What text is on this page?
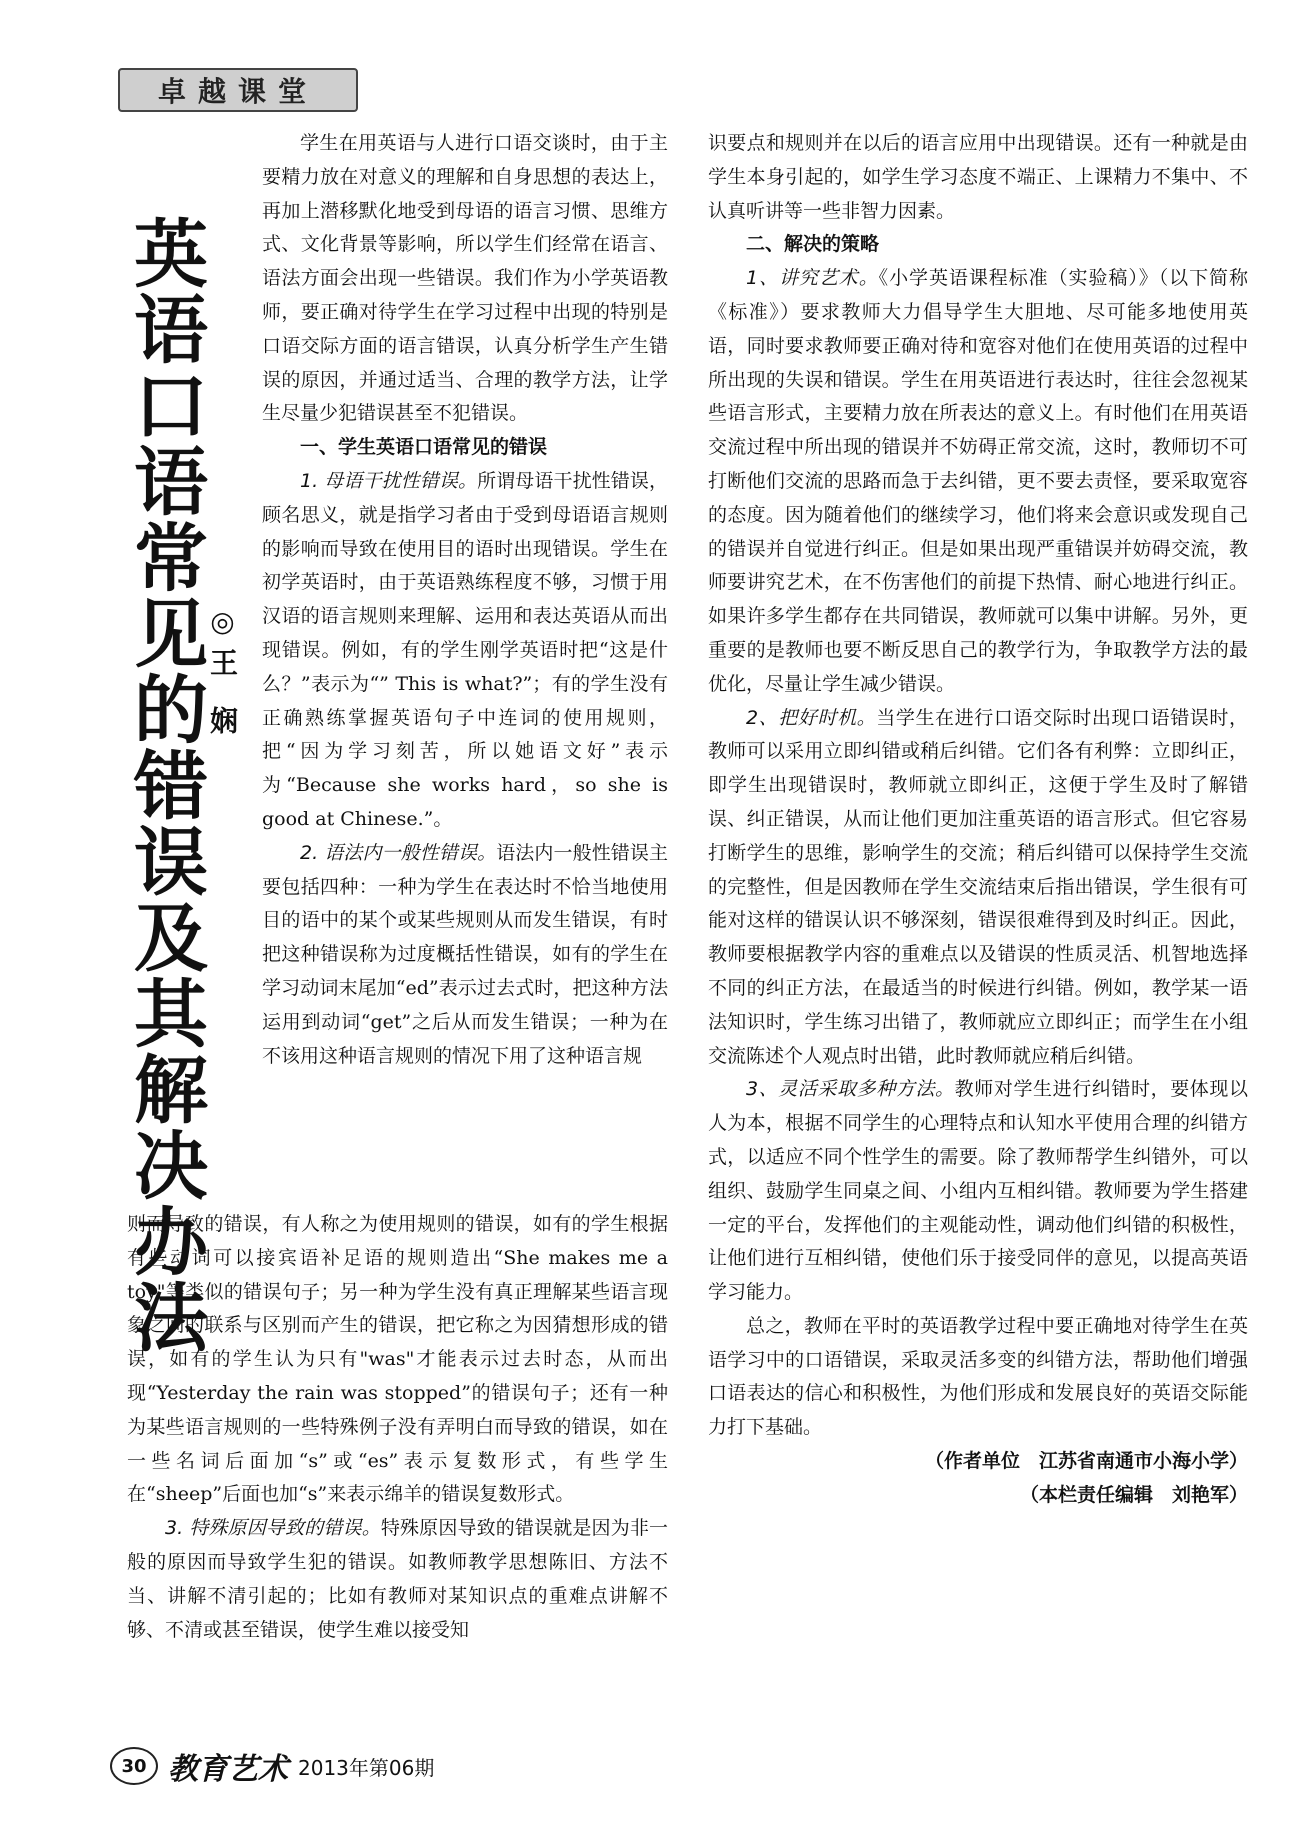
卓越课堂
英语口语常见的错误及其解决办法
◎王 娴

学生在用英语与人进行口语交谈时，由于主要精力放在对意义的理解和自身思想的表达上，再加上潜移默化地受到母语的语言习惯、思维方式、文化背景等影响，所以学生们经常在语言、语法方面会出现一些错误。我们作为小学英语教师，要正确对待学生在学习过程中出现的特别是口语交际方面的语言错误，认真分析学生产生错误的原因，并通过适当、合理的教学方法，让学生尽量少犯错误甚至不犯错误。

一、学生英语口语常见的错误

1. 母语干扰性错误。所谓母语干扰性错误，顾名思义，就是指学习者由于受到母语语言规则的影响而导致在使用目的语时出现错误。学生在初学英语时，由于英语熟练程度不够，习惯于用汉语的语言规则来理解、运用和表达英语从而出现错误。例如，有的学生刚学英语时把“这是什么？”表示为“” This is what?”；有的学生没有正确熟练掌握英语句子中连词的使用规则，把“因为学习刻苦，所以她语文好”表示为“Because she works hard，so she is good at Chinese.”。

2. 语法内一般性错误。语法内一般性错误主要包括四种：一种为学生在表达时不恰当地使用目的语中的某个或某些规则从而发生错误，有时把这种错误称为过度概括性错误，如有的学生在学习动词末尾加“ed”表示过去式时，把这种方法运用到动词“get”之后从而发生错误；一种为在不该用这种语言规则的情况下用了这种语言规

则而导致的错误，有人称之为使用规则的错误，如有的学生根据有些动词可以接宾语补足语的规则造出“She makes me a toy"等类似的错误句子；另一种为学生没有真正理解某些语言现象之间的联系与区别而产生的错误，把它称之为因猜想形成的错误，如有的学生认为只有"was"才能表示过去时态，从而出现“Yesterday the rain was stopped”的错误句子；还有一种为某些语言规则的一些特殊例子没有弄明白而导致的错误，如在一些名词后面加“s”或“es”表示复数形式，有些学生在“sheep”后面也加“s”来表示绵羊的错误复数形式。

3. 特殊原因导致的错误。特殊原因导致的错误就是因为非一般的原因而导致学生犯的错误。如教师教学思想陈旧、方法不当、讲解不清引起的；比如有教师对某知识点的重难点讲解不够、不清或甚至错误，使学生难以接受知

识要点和规则并在以后的语言应用中出现错误。还有一种就是由学生本身引起的，如学生学习态度不端正、上课精力不集中、不认真听讲等一些非智力因素。

二、解决的策略

1、讲究艺术。《小学英语课程标准（实验稿）》（以下简称《标准》）要求教师大力倡导学生大胆地、尽可能多地使用英语，同时要求教师要正确对待和宽容对他们在使用英语的过程中所出现的失误和错误。学生在用英语进行表达时，往往会忽视某些语言形式，主要精力放在所表达的意义上。有时他们在用英语交流过程中所出现的错误并不妨碍正常交流，这时，教师切不可打断他们交流的思路而急于去纠错，更不要去责怪，要采取宽容的态度。因为随着他们的继续学习，他们将来会意识或发现自己的错误并自觉进行纠正。但是如果出现严重错误并妨碍交流，教师要讲究艺术，在不伤害他们的前提下热情、耐心地进行纠正。如果许多学生都存在共同错误，教师就可以集中讲解。另外，更重要的是教师也要不断反思自己的教学行为，争取教学方法的最优化，尽量让学生减少错误。

2、把好时机。当学生在进行口语交际时出现口语错误时，教师可以采用立即纠错或稍后纠错。它们各有利弊：立即纠正，即学生出现错误时，教师就立即纠正，这便于学生及时了解错误、纠正错误，从而让他们更加注重英语的语言形式。但它容易打断学生的思维，影响学生的交流；稍后纠错可以保持学生交流的完整性，但是因教师在学生交流结束后指出错误，学生很有可能对这样的错误认识不够深刻，错误很难得到及时纠正。因此，教师要根据教学内容的重难点以及错误的性质灵活、机智地选择不同的纠正方法，在最适当的时候进行纠错。例如，教学某一语法知识时，学生练习出错了，教师就应立即纠正；而学生在小组交流陈述个人观点时出错，此时教师就应稍后纠错。

3、灵活采取多种方法。教师对学生进行纠错时，要体现以人为本，根据不同学生的心理特点和认知水平使用合理的纠错方式，以适应不同个性学生的需要。除了教师帮学生纠错外，可以组织、鼓励学生同桌之间、小组内互相纠错。教师要为学生搭建一定的平台，发挥他们的主观能动性，调动他们纠错的积极性，让他们进行互相纠错，使他们乐于接受同伴的意见，以提高英语学习能力。

总之，教师在平时的英语教学过程中要正确地对待学生在英语学习中的口语错误，采取灵活多变的纠错方法，帮助他们增强口语表达的信心和积极性，为他们形成和发展良好的英语交际能力打下基础。

（作者单位　江苏省南通市小海小学）

（本栏责任编辑　刘艳军）

30 教育艺术 2013年第06期
